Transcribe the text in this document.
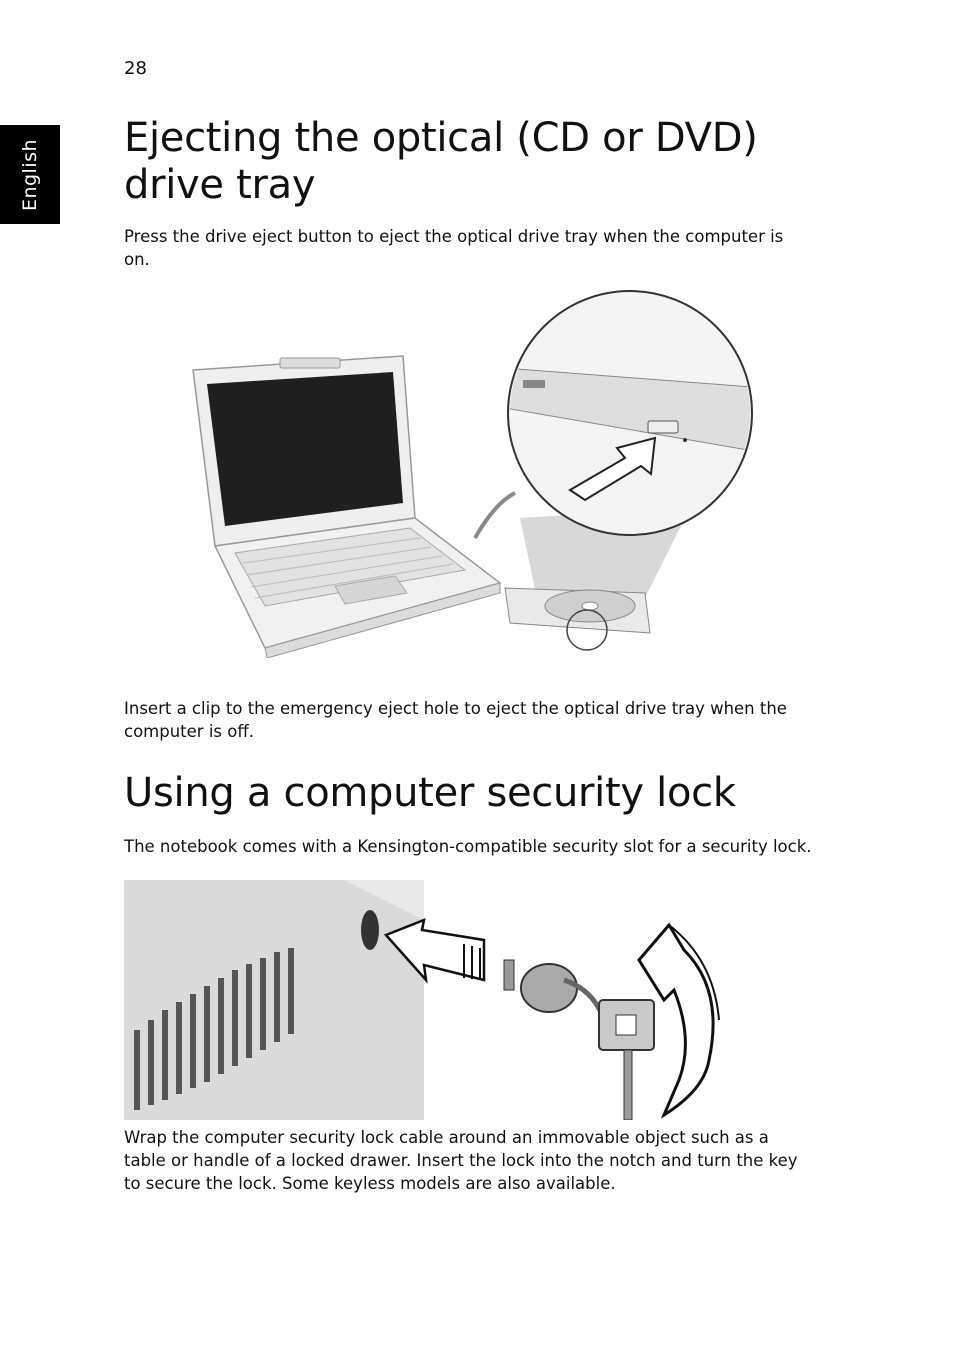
28
English
Ejecting the optical (CD or DVD) drive tray

Press the drive eject button to eject the optical drive tray when the computer is on.

Insert a clip to the emergency eject hole to eject the optical drive tray when the computer is off.

Using a computer security lock

The notebook comes with a Kensington-compatible security slot for a security lock.

Wrap the computer security lock cable around an immovable object such as a table or handle of a locked drawer. Insert the lock into the notch and turn the key to secure the lock. Some keyless models are also available.
